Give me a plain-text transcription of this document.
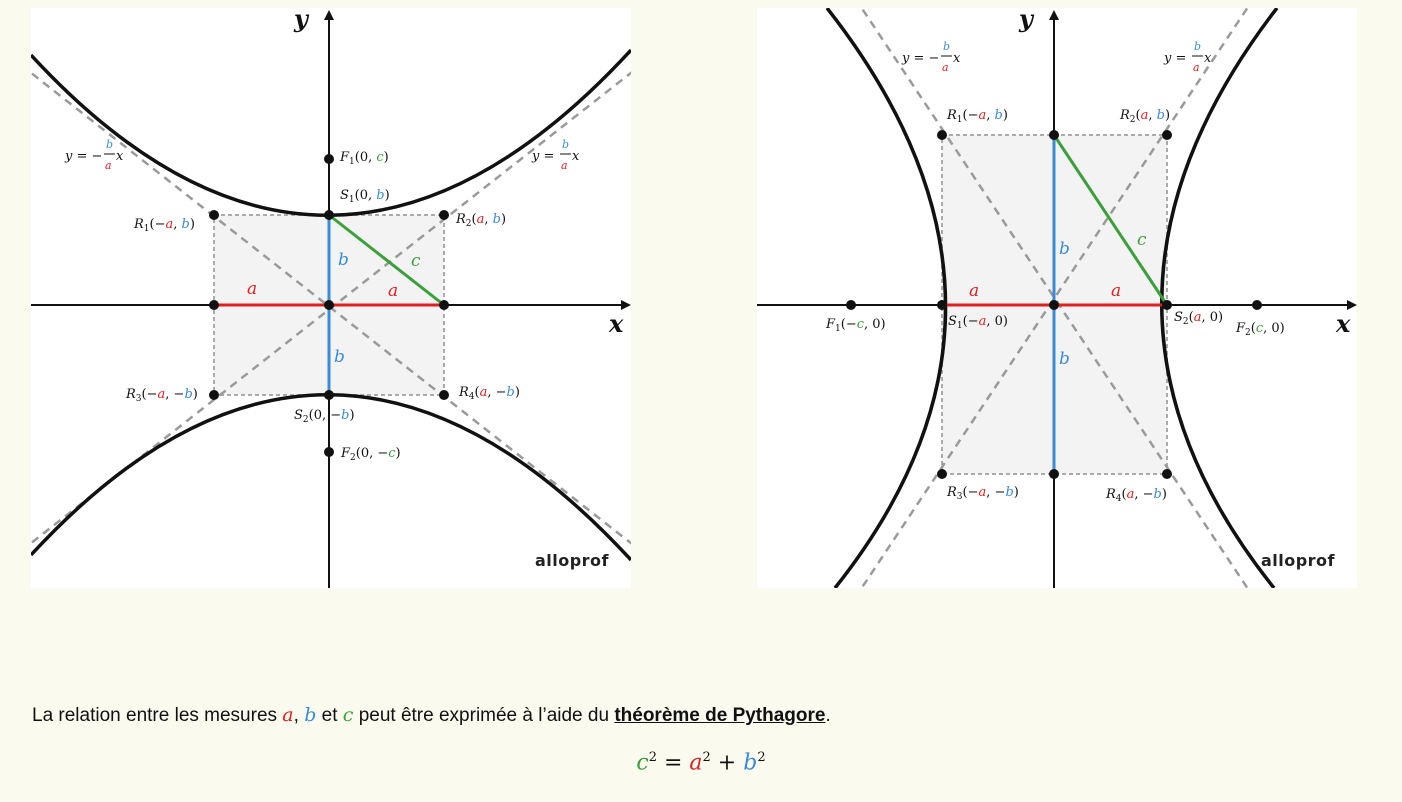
a	a
b
b
c
x
y
y = −
b
a
x	y =
b
a
x
$F_1(0$, c)
$S_1(0$, b)
$S_2(0$, −b)
$F_2(0$, −c)
$R_1(-a$, b)	$R_2(a$, b)
$R_3(-a$, −b)	$R_4(a$, −b)
alloprof
a	a
b
b
c
x
y
y = −
b
a
x	y =
b
a
x
$F_1(-c$, 0)	$F_2(c$, 0)
$S_1(-a$, 0)	$S_2(a$, 0)
$R_1(-a$, b)	$R_2(a$, b)
$R_3(-a$, −b)	$R_4(a$, −b)
alloprof
La relation entre les mesures a, b et c peut être exprimée à l’aide du théorème de Pythagore.
$c^2 = a^2 + b^2$
